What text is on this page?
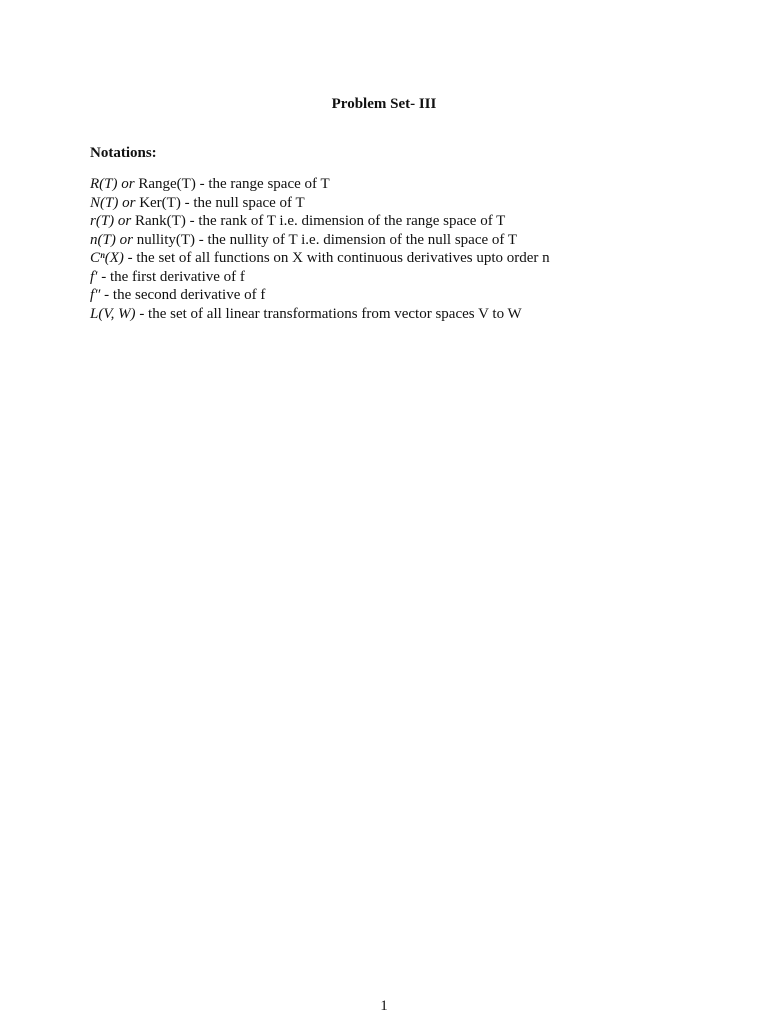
Problem Set- III
Notations:
R(T) or Range(T) - the range space of T
N(T) or Ker(T) - the null space of T
r(T) or Rank(T) - the rank of T i.e. dimension of the range space of T
n(T) or nullity(T) - the nullity of T i.e. dimension of the null space of T
Cⁿ(X) - the set of all functions on X with continuous derivatives upto order n
f′ - the first derivative of f
f″ - the second derivative of f
L(V, W) - the set of all linear transformations from vector spaces V to W
1
